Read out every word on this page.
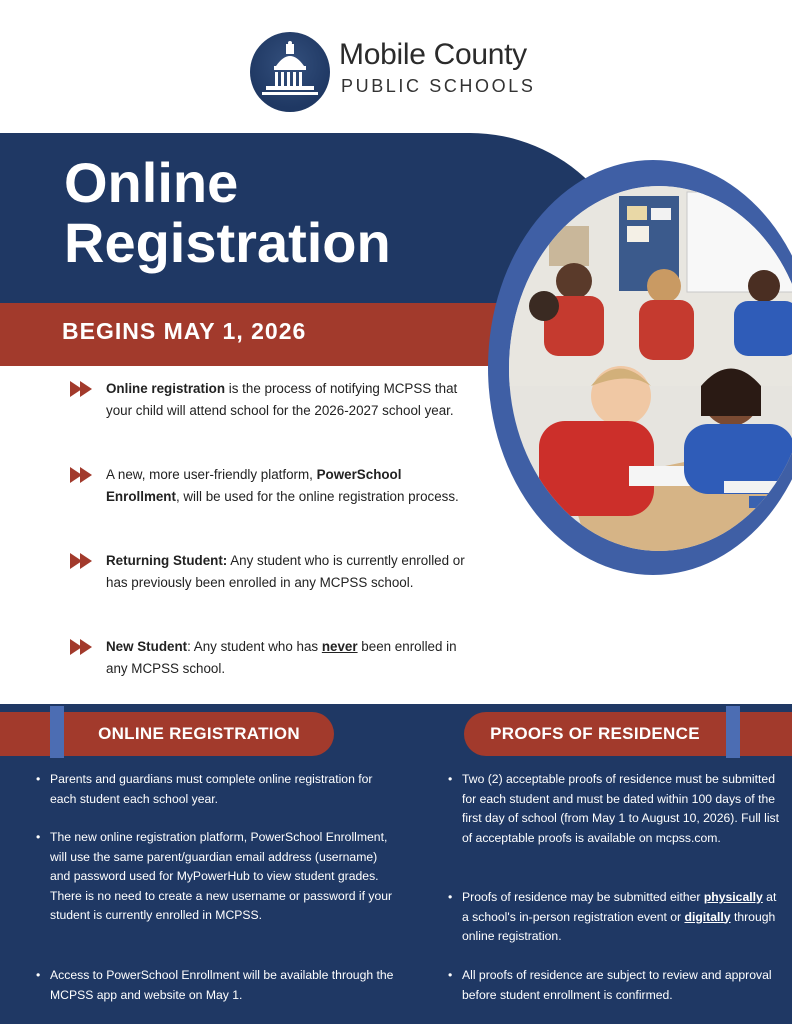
Mobile County
PUBLIC SCHOOLS
Online
Registration
BEGINS MAY 1, 2026
Online registration is the process of notifying MCPSS that your child will attend school for the 2026-2027 school year.
A new, more user-friendly platform, PowerSchool Enrollment, will be used for the online registration process.
Returning Student: Any student who is currently enrolled or has previously been enrolled in any MCPSS school.
New Student: Any student who has never been enrolled in any MCPSS school.
ONLINE REGISTRATION	PROOFS OF RESIDENCE
• Parents and guardians must complete online registration for each student each school year.
• The new online registration platform, PowerSchool Enrollment, will use the same parent/guardian email address (username) and password used for MyPowerHub to view student grades. There is no need to create a new username or password if your student is currently enrolled in MCPSS.
• Access to PowerSchool Enrollment will be available through the MCPSS app and website on May 1.
• Two (2) acceptable proofs of residence must be submitted for each student and must be dated within 100 days of the first day of school (from May 1 to August 10, 2026). Full list of acceptable proofs is available on mcpss.com.
• Proofs of residence may be submitted either physically at a school's in-person registration event or digitally through online registration.
• All proofs of residence are subject to review and approval before student enrollment is confirmed.
